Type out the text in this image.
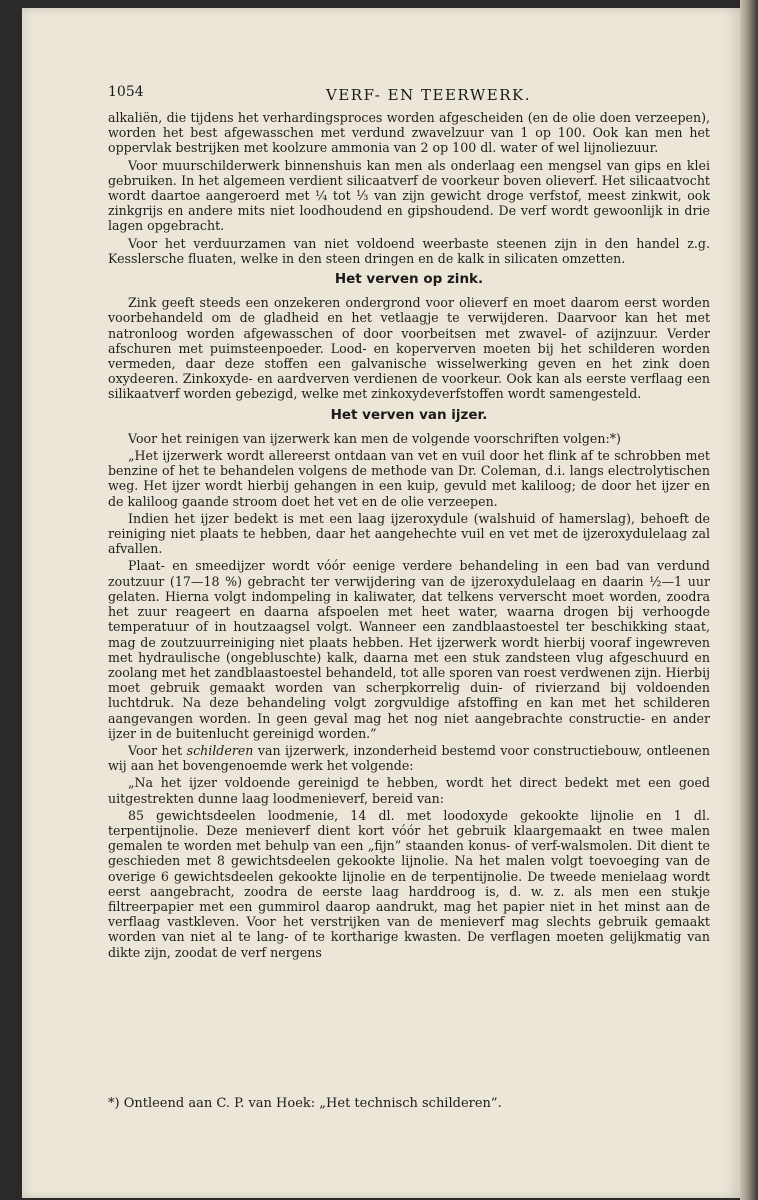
1054	VERF- EN TEERWERK.

alkaliën, die tijdens het verhardingsproces worden afgescheiden (en de olie doen verzeepen), worden het best afgewasschen met verdund zwavelzuur van 1 op 100. Ook kan men het oppervlak bestrijken met koolzure ammonia van 2 op 100 dl. water of wel lijnoliezuur.

Voor muurschilderwerk binnenshuis kan men als onderlaag een mengsel van gips en klei gebruiken. In het algemeen verdient silicaatverf de voorkeur boven olieverf. Het silicaatvocht wordt daartoe aangeroerd met ¼ tot ⅓ van zijn gewicht droge verfstof, meest zinkwit, ook zinkgrijs en andere mits niet loodhoudend en gipshoudend. De verf wordt gewoonlijk in drie lagen opgebracht.

Voor het verduurzamen van niet voldoend weerbaste steenen zijn in den handel z.g. Kesslersche fluaten, welke in den steen dringen en de kalk in silicaten omzetten.

Het verven op zink.

Zink geeft steeds een onzekeren ondergrond voor olieverf en moet daarom eerst worden voorbehandeld om de gladheid en het vetlaagje te verwijderen. Daarvoor kan het met natronloog worden afgewasschen of door voorbeitsen met zwavel- of azijnzuur. Verder afschuren met puimsteenpoeder. Lood- en koperverven moeten bij het schilderen worden vermeden, daar deze stoffen een galvanische wisselwerking geven en het zink doen oxydeeren. Zinkoxyde- en aardverven verdienen de voorkeur. Ook kan als eerste verflaag een silikaatverf worden gebezigd, welke met zinkoxydeverfstoffen wordt samengesteld.

Het verven van ijzer.

Voor het reinigen van ijzerwerk kan men de volgende voorschriften volgen:*)

„Het ijzerwerk wordt allereerst ontdaan van vet en vuil door het flink af te schrobben met benzine of het te behandelen volgens de methode van Dr. Coleman, d.i. langs electrolytischen weg. Het ijzer wordt hierbij gehangen in een kuip, gevuld met kaliloog; de door het ijzer en de kaliloog gaande stroom doet het vet en de olie verzeepen.

Indien het ijzer bedekt is met een laag ijzeroxydule (walshuid of hamerslag), behoeft de reiniging niet plaats te hebben, daar het aangehechte vuil en vet met de ijzeroxydulelaag zal afvallen.

Plaat- en smeedijzer wordt vóór eenige verdere behandeling in een bad van verdund zoutzuur (17—18 %) gebracht ter verwijdering van de ijzeroxydulelaag en daarin ½—1 uur gelaten. Hierna volgt indompeling in kaliwater, dat telkens ververscht moet worden, zoodra het zuur reageert en daarna afspoelen met heet water, waarna drogen bij verhoogde temperatuur of in houtzaagsel volgt. Wanneer een zandblaastoestel ter beschikking staat, mag de zoutzuurreiniging niet plaats hebben. Het ijzerwerk wordt hierbij vooraf ingewreven met hydraulische (ongebluschte) kalk, daarna met een stuk zandsteen vlug afgeschuurd en zoolang met het zandblaastoestel behandeld, tot alle sporen van roest verdwenen zijn. Hierbij moet gebruik gemaakt worden van scherpkorrelig duin- of rivierzand bij voldoenden luchtdruk. Na deze behandeling volgt zorgvuldige afstoffing en kan met het schilderen aangevangen worden. In geen geval mag het nog niet aangebrachte constructie- en ander ijzer in de buitenlucht gereinigd worden.”

Voor het schilderen van ijzerwerk, inzonderheid bestemd voor constructiebouw, ontleenen wij aan het bovengenoemde werk het volgende:

„Na het ijzer voldoende gereinigd te hebben, wordt het direct bedekt met een goed uitgestrekten dunne laag loodmenieverf, bereid van:

85 gewichtsdeelen loodmenie, 14 dl. met loodoxyde gekookte lijnolie en 1 dl. terpentijnolie. Deze menieverf dient kort vóór het gebruik klaargemaakt en twee malen gemalen te worden met behulp van een „fijn” staanden konus- of verf-walsmolen. Dit dient te geschieden met 8 gewichtsdeelen gekookte lijnolie. Na het malen volgt toevoeging van de overige 6 gewichtsdeelen gekookte lijnolie en de terpentijnolie. De tweede menielaag wordt eerst aangebracht, zoodra de eerste laag harddroog is, d. w. z. als men een stukje filtreerpapier met een gummirol daarop aandrukt, mag het papier niet in het minst aan de verflaag vastkleven. Voor het verstrijken van de menieverf mag slechts gebruik gemaakt worden van niet al te lang- of te kortharige kwasten. De verflagen moeten gelijkmatig van dikte zijn, zoodat de verf nergens

*) Ontleend aan C. P. van Hoek: „Het technisch schilderen”.
